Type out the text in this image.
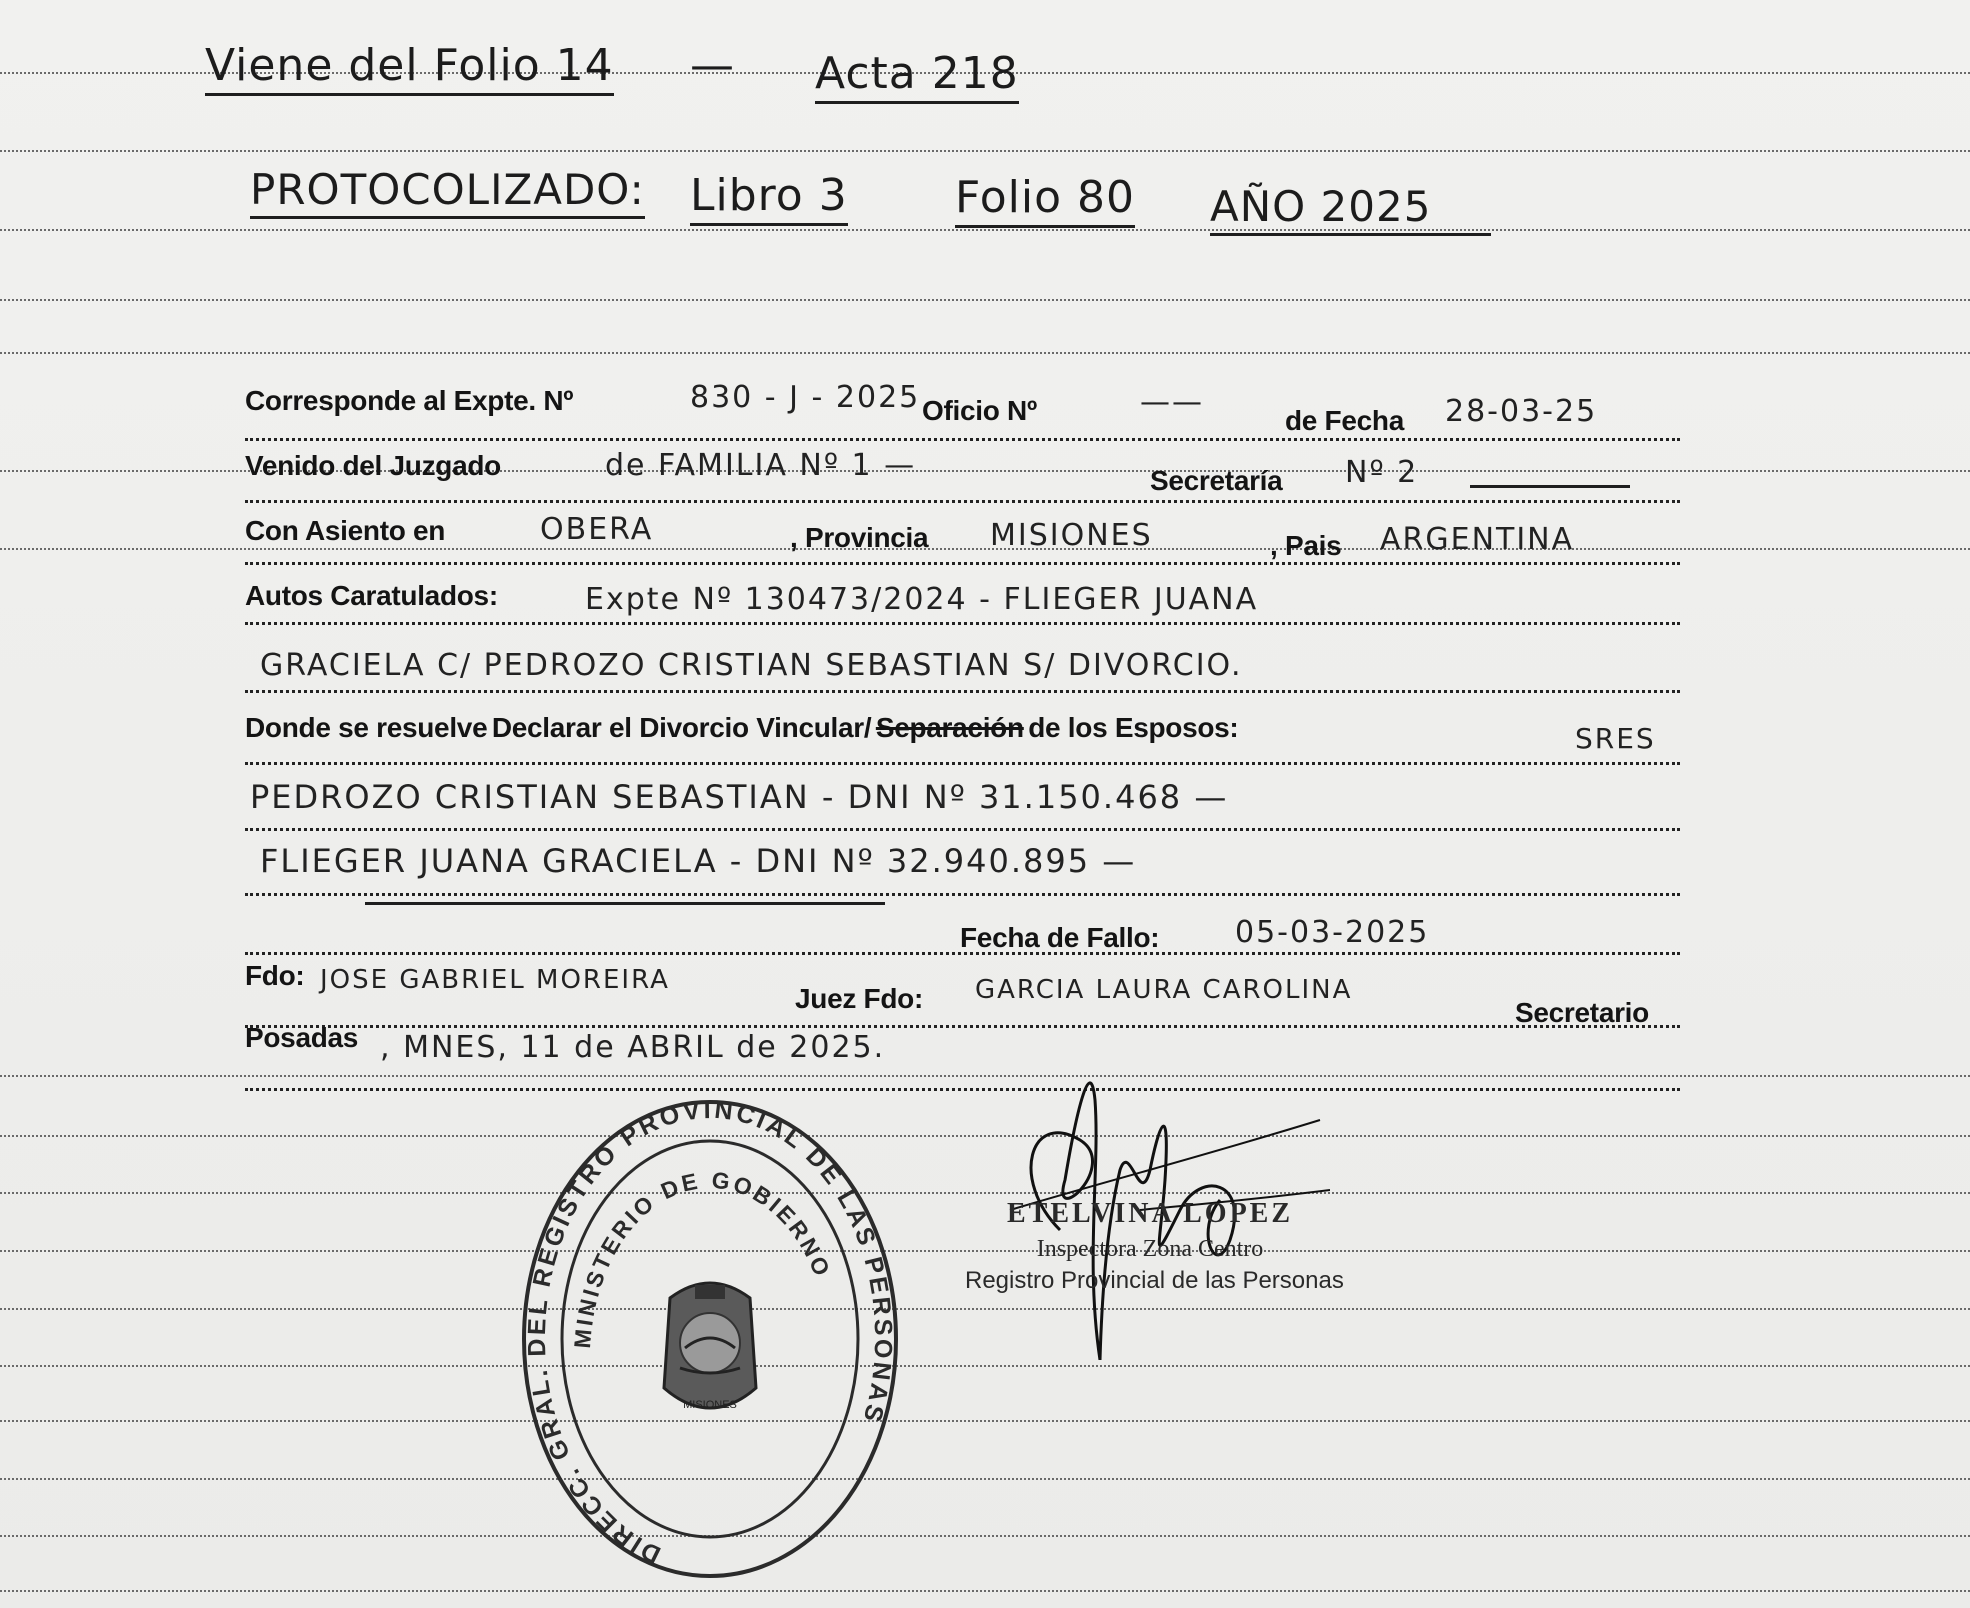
Viene del Folio 14 — Acta 218
PROTOCOLIZADO: Libro 3 Folio 80 AÑO 2025
Corresponde al Expte. Nº	830 - J - 2025 Oficio Nº	——
de Fecha 28-03-25
Venido del Juzgado	de FAMILIA Nº 1 —	Secretaría Nº 2
Con Asiento en	OBERA	, Provincia MISIONES	, Pais ARGENTINA
Autos Caratulados:	Expte Nº 130473/2024 - FLIEGER JUANA
GRACIELA C/ PEDROZO CRISTIAN SEBASTIAN S/ DIVORCIO.
Donde se resuelve Declarar el Divorcio Vincular/ Separación de los Esposos:	SRES
PEDROZO CRISTIAN SEBASTIAN - DNI Nº 31.150.468 —
FLIEGER JUANA GRACIELA - DNI Nº 32.940.895 —
Fecha de Fallo:	05-03-2025
Fdo: JOSE GABRIEL MOREIRA
Juez Fdo: GARCIA LAURA CAROLINA
Secretario
Posadas , MNES, 11 de ABRIL de 2025.
DIRECC. GRAL. DEL REGISTRO PROVINCIAL DE LAS PERSONAS
MINISTERIO DE GOBIERNO
MISIONES
ETELVINA LOPEZ
Inspectora Zona Centro
Registro Provincial de las Personas
